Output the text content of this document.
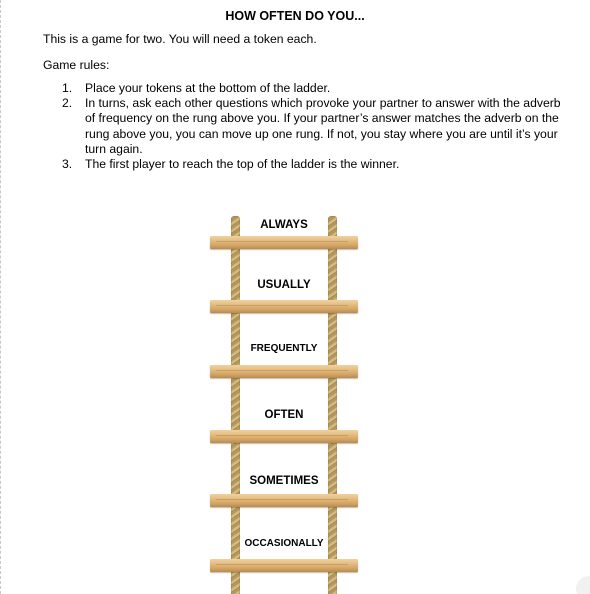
HOW OFTEN DO YOU...

This is a game for two. You will need a token each.

Game rules:

1. Place your tokens at the bottom of the ladder.
2. In turns, ask each other questions which provoke your partner to answer with the adverb of frequency on the rung above you. If your partner’s answer matches the adverb on the rung above you, you can move up one rung. If not, you stay where you are until it’s your turn again.
3. The first player to reach the top of the ladder is the winner.
ALWAYS
USUALLY
FREQUENTLY
OFTEN
SOMETIMES
OCCASIONALLY
